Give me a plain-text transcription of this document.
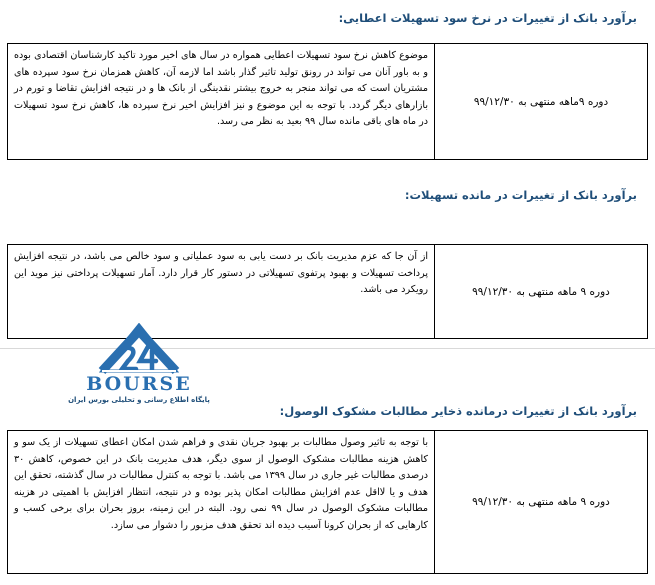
برآورد بانک از تغییرات در نرخ سود تسهیلات اعطایی:
دوره ۹ماهه منتهی به ۹۹/۱۲/۳۰	موضوع کاهش نرخ سود تسهیلات اعطایی همواره در سال های اخیر مورد تاکید کارشناسان اقتصادی بوده و به باور آنان می تواند در رونق تولید تاثیر گذار باشد اما لازمه آن، کاهش همزمان نرخ سود سپرده های مشتریان است که می تواند منجر به خروج بیشتر نقدینگی از بانک ها و در نتیجه افزایش تقاضا و تورم در بازارهای دیگر گردد. با توجه به این موضوع و نیز افزایش اخیر نرخ سپرده ها، کاهش نرخ سود تسهیلات در ماه های باقی مانده سال ۹۹ بعید به نظر می رسد.
برآورد بانک از تغییرات در مانده تسهیلات:
دوره ۹ ماهه منتهی به ۹۹/۱۲/۳۰	از آن جا که عزم مدیریت بانک بر دست یابی به سود عملیاتی و سود خالص می باشد، در نتیجه افزایش پرداخت تسهیلات و بهبود پرتفوی تسهیلاتی در دستور کار قرار دارد. آمار تسهیلات پرداختی نیز موید این رویکرد می باشد.
BOURSE
پایگاه اطلاع رسانی و تحلیلی بورس ایران
برآورد بانک از تغییرات درمانده ذخایر مطالبات مشکوک الوصول:
دوره ۹ ماهه منتهی به ۹۹/۱۲/۳۰	با توجه به تاثیر وصول مطالبات بر بهبود جریان نقدی و فراهم شدن امکان اعطای تسهیلات از یک سو و کاهش هزینه مطالبات مشکوک الوصول از سوی دیگر، هدف مدیریت بانک در این خصوص، کاهش ۳۰ درصدی مطالبات غیر جاری در سال ۱۳۹۹ می باشد. با توجه به کنترل مطالبات در سال گذشته، تحقق این هدف و یا لااقل عدم افزایش مطالبات امکان پذیر بوده و در نتیجه، انتظار افزایش با اهمیتی در هزینه مطالبات مشکوک الوصول در سال ۹۹ نمی رود. البته در این زمینه، بروز بحران برای برخی کسب و کارهایی که از بحران کرونا آسیب دیده اند تحقق هدف مزبور را دشوار می سازد.
